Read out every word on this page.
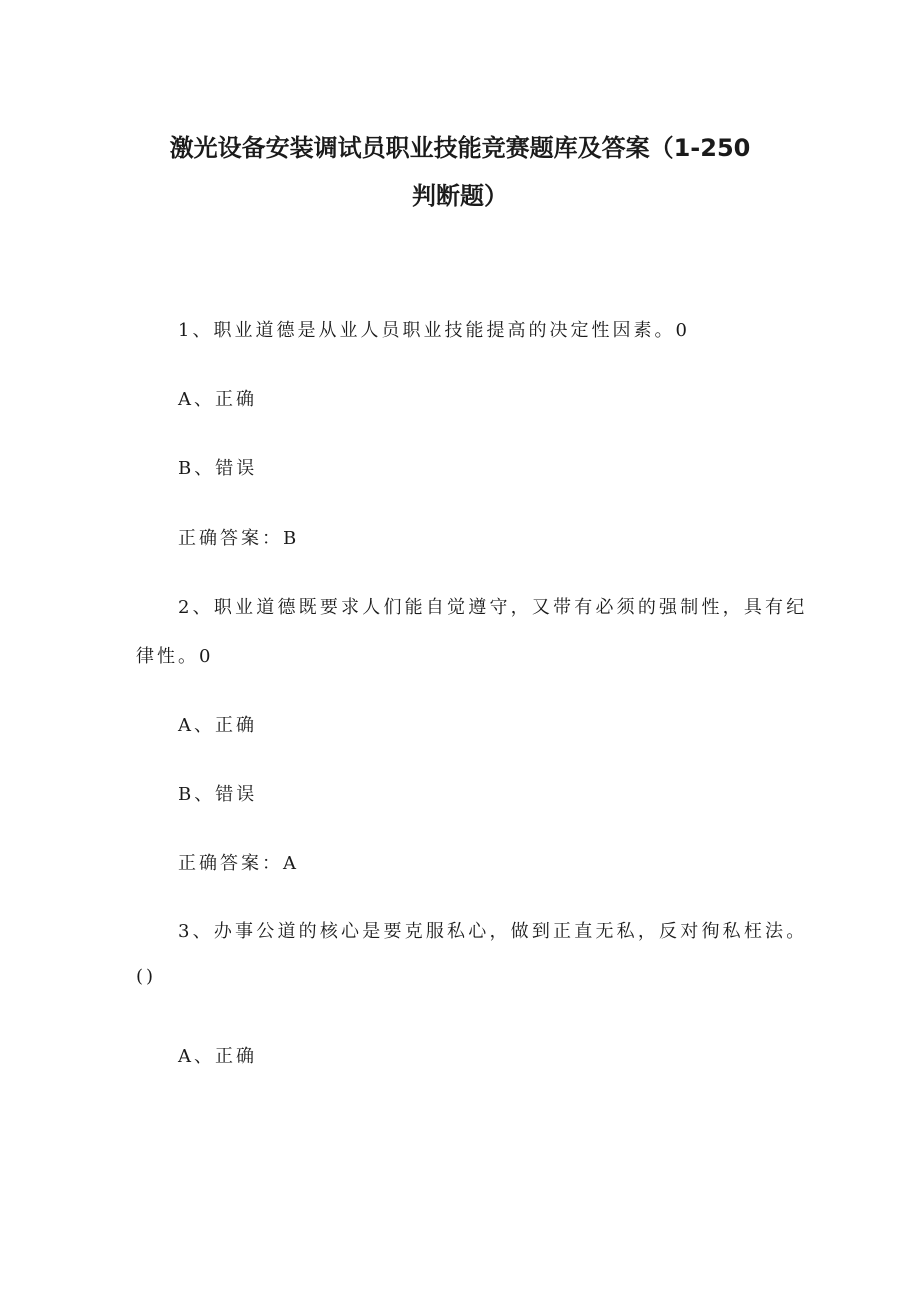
激光设备安装调试员职业技能竞赛题库及答案（1-250
判断题）

1、职业道德是从业人员职业技能提高的决定性因素。0

A、正确

B、错误

正确答案：B

2、职业道德既要求人们能自觉遵守，又带有必须的强制性，具有纪

律性。0

A、正确

B、错误

正确答案：A

3、办事公道的核心是要克服私心，做到正直无私，反对徇私枉法。

()

A、正确
